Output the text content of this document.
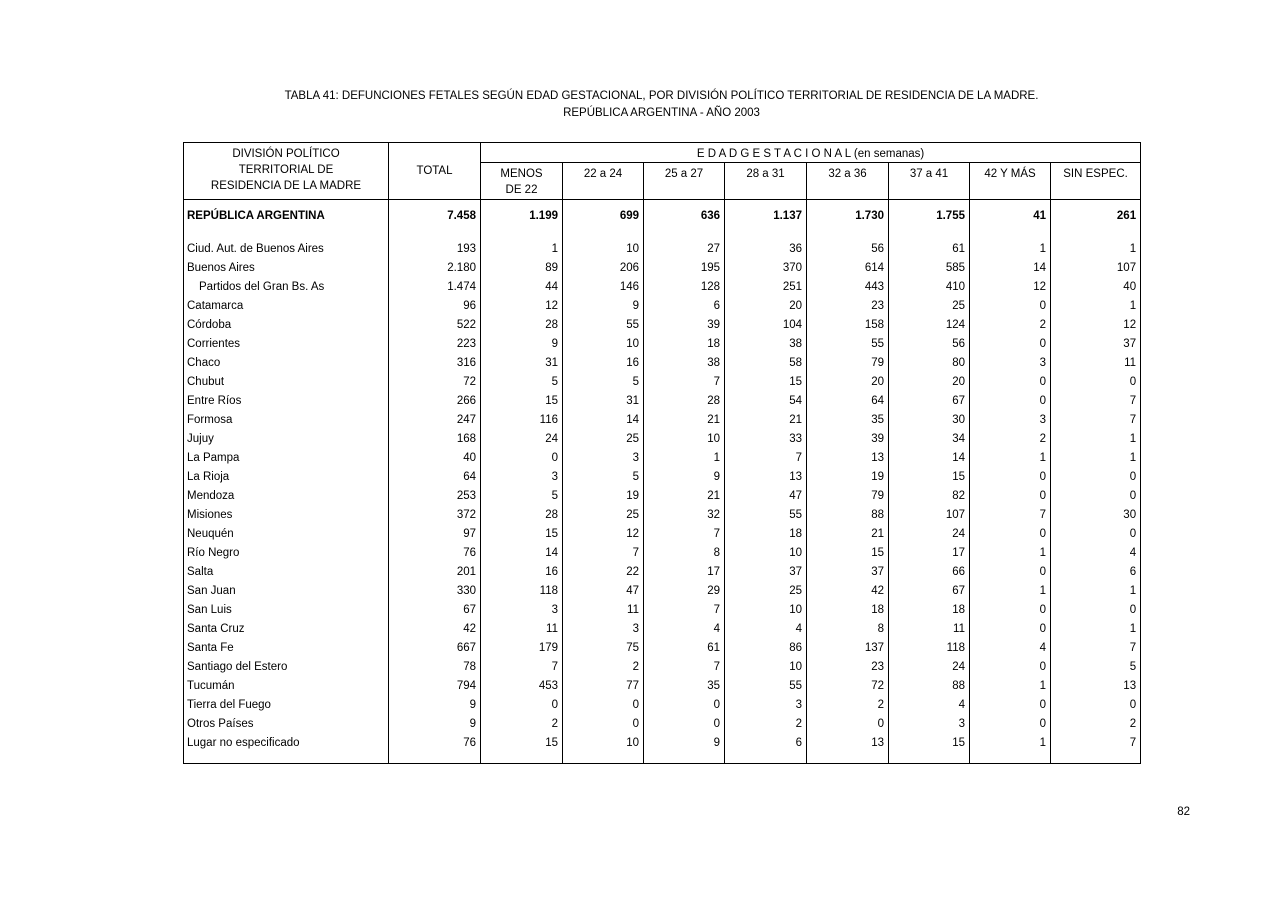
TABLA 41: DEFUNCIONES FETALES SEGÚN EDAD GESTACIONAL, POR DIVISIÓN POLÍTICO TERRITORIAL DE RESIDENCIA DE LA MADRE.
REPÚBLICA ARGENTINA - AÑO 2003
DIVISIÓN POLÍTICO
TERRITORIAL DE
RESIDENCIA DE LA MADRE	TOTAL	E D A D G E S T A C I O N A L (en semanas)							

		MENOS
DE 22	22 a 24	25 a 27	28 a 31	32 a 36	37 a 41	42 Y MÁS	SIN ESPEC.

REPÚBLICA ARGENTINA	7.458	1.199	699	636	1.137	1.730	1.755	41	261
Ciud. Aut. de Buenos Aires	193	1	10	27	36	56	61	1	1
Buenos Aires	2.180	89	206	195	370	614	585	14	107
Partidos del Gran Bs. As	1.474	44	146	128	251	443	410	12	40
Catamarca	96	12	9	6	20	23	25	0	1
Córdoba	522	28	55	39	104	158	124	2	12
Corrientes	223	9	10	18	38	55	56	0	37
Chaco	316	31	16	38	58	79	80	3	11
Chubut	72	5	5	7	15	20	20	0	0
Entre Ríos	266	15	31	28	54	64	67	0	7
Formosa	247	116	14	21	21	35	30	3	7
Jujuy	168	24	25	10	33	39	34	2	1
La Pampa	40	0	3	1	7	13	14	1	1
La Rioja	64	3	5	9	13	19	15	0	0
Mendoza	253	5	19	21	47	79	82	0	0
Misiones	372	28	25	32	55	88	107	7	30
Neuquén	97	15	12	7	18	21	24	0	0
Río Negro	76	14	7	8	10	15	17	1	4
Salta	201	16	22	17	37	37	66	0	6
San Juan	330	118	47	29	25	42	67	1	1
San Luis	67	3	11	7	10	18	18	0	0
Santa Cruz	42	11	3	4	4	8	11	0	1
Santa Fe	667	179	75	61	86	137	118	4	7
Santiago del Estero	78	7	2	7	10	23	24	0	5
Tucumán	794	453	77	35	55	72	88	1	13
Tierra del Fuego	9	0	0	0	3	2	4	0	0
Otros Países	9	2	0	0	2	0	3	0	2
Lugar no especificado	76	15	10	9	6	13	15	1	7
82
